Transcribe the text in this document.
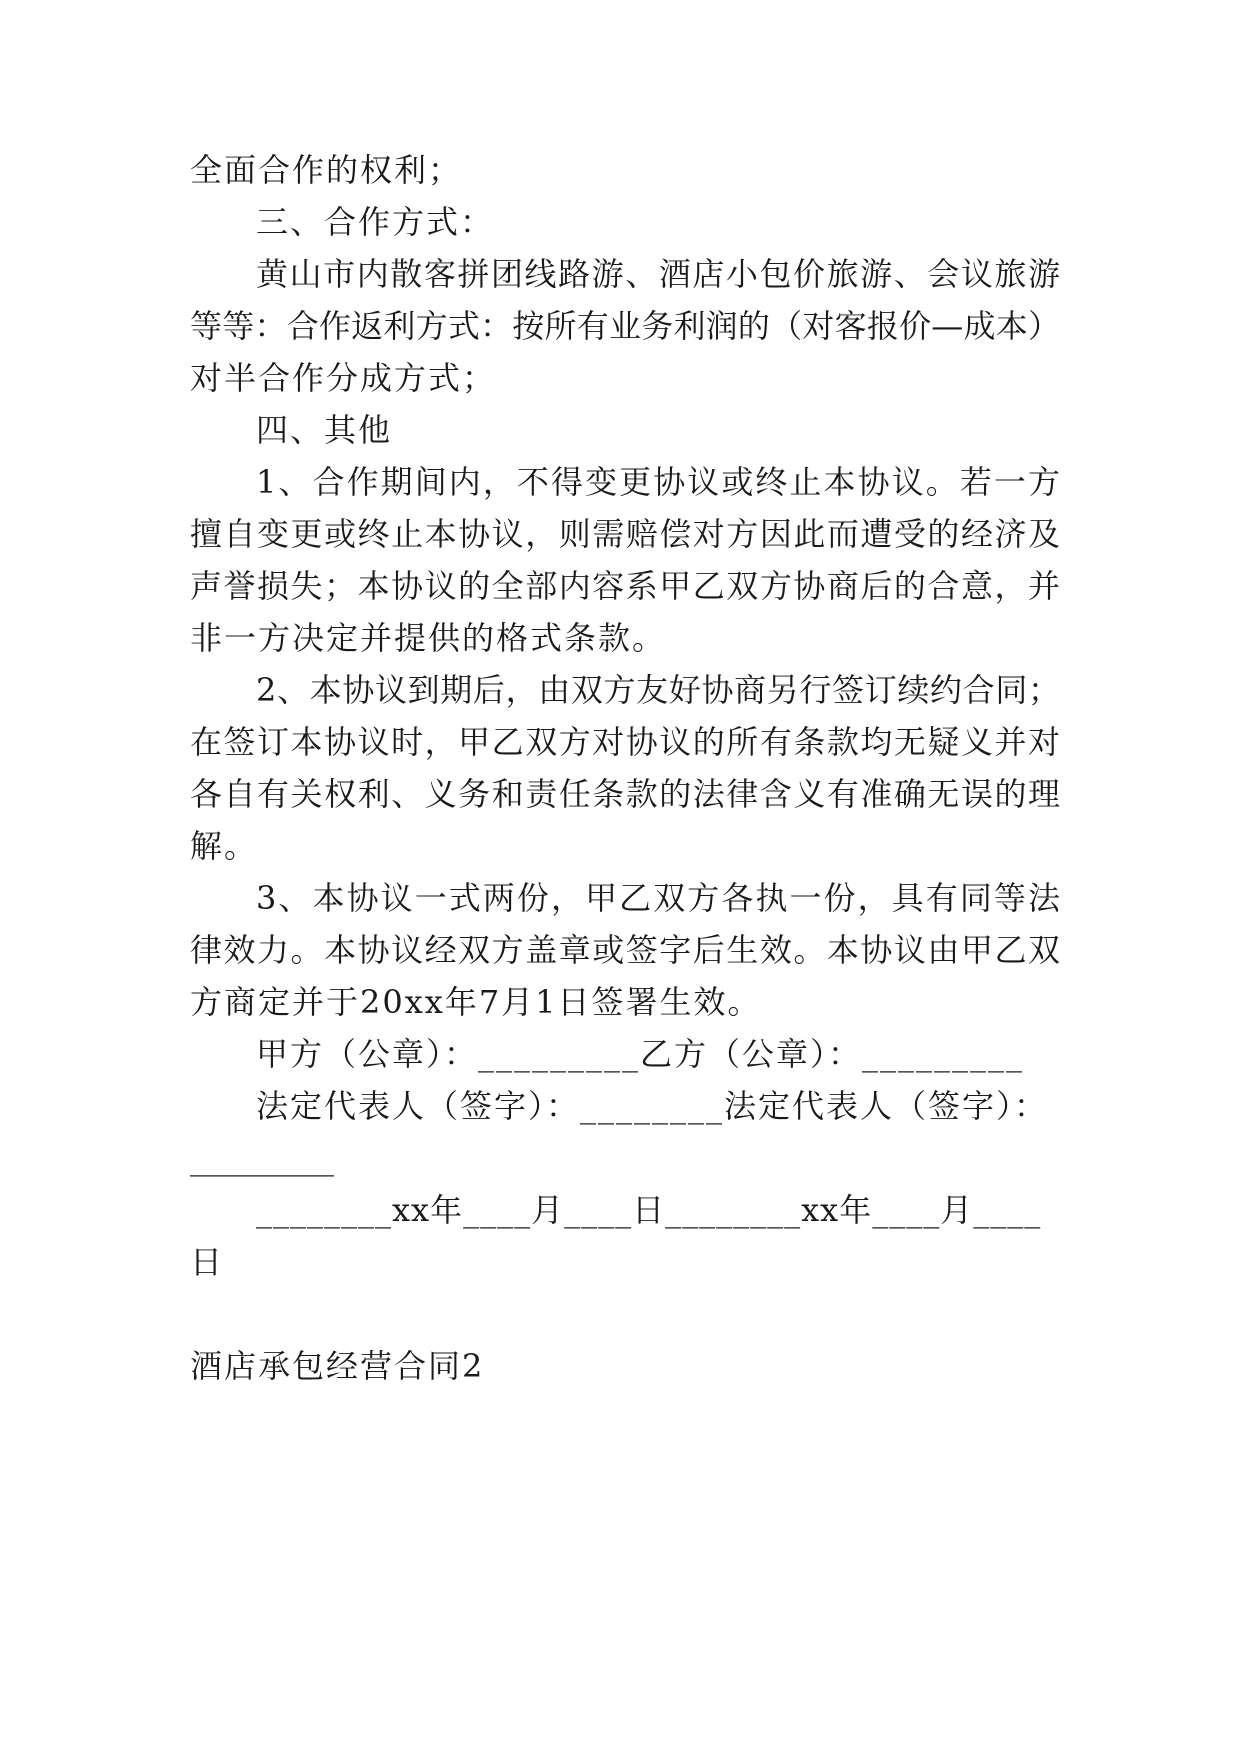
全面合作的权利；
三、合作方式：
黄山市内散客拼团线路游、酒店小包价旅游、会议旅游
等等：合作返利方式：按所有业务利润的（对客报价—成本）
对半合作分成方式；
四、其他
1、合作期间内，不得变更协议或终止本协议。若一方
擅自变更或终止本协议，则需赔偿对方因此而遭受的经济及
声誉损失；本协议的全部内容系甲乙双方协商后的合意，并
非一方决定并提供的格式条款。
2、本协议到期后，由双方友好协商另行签订续约合同；
在签订本协议时，甲乙双方对协议的所有条款均无疑义并对
各自有关权利、义务和责任条款的法律含义有准确无误的理
解。
3、本协议一式两份，甲乙双方各执一份，具有同等法
律效力。本协议经双方盖章或签字后生效。本协议由甲乙双
方商定并于20xx年7月1日签署生效。
甲方（公章）：_________乙方（公章）：_________
法定代表人（签字）：________法定代表人（签字）：
_________
________xx年____月____日________xx年____月____
日
酒店承包经营合同2
